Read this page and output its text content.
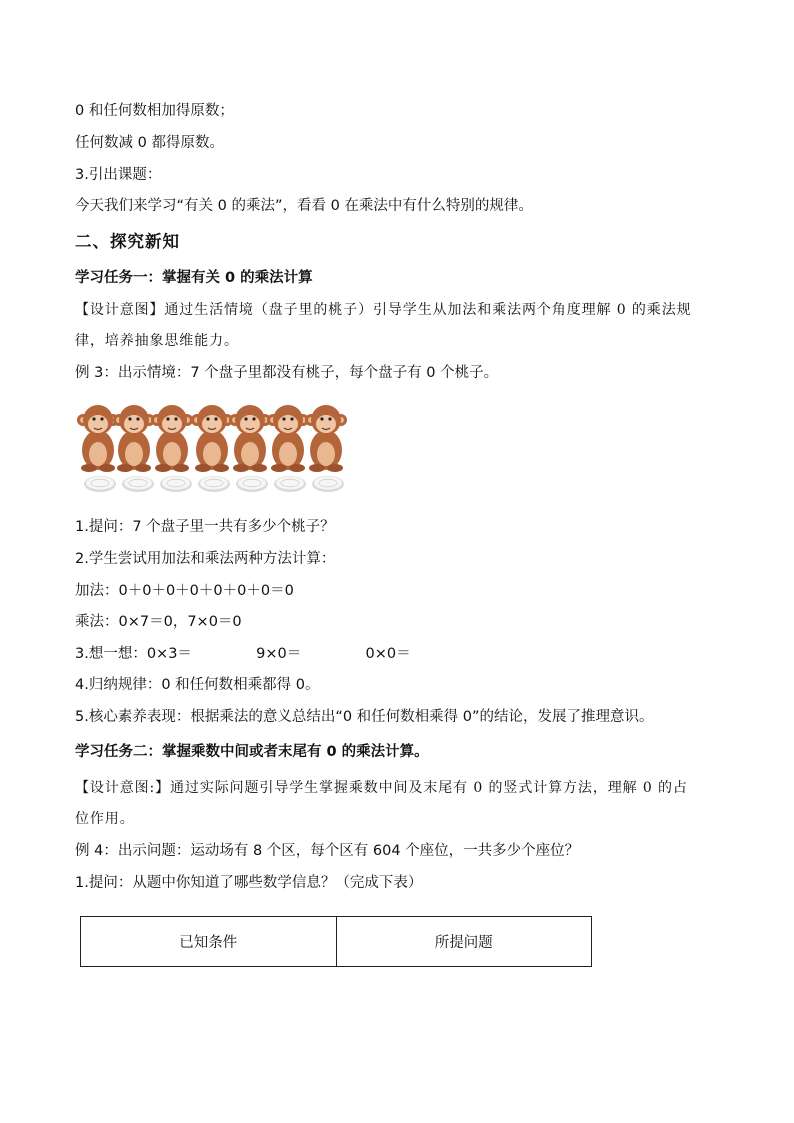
0 和任何数相加得原数；
任何数减 0 都得原数。
3.引出课题：
今天我们来学习“有关 0 的乘法”，看看 0 在乘法中有什么特别的规律。
二、探究新知
学习任务一：掌握有关 0 的乘法计算
【设计意图】通过生活情境（盘子里的桃子）引导学生从加法和乘法两个角度理解 0 的乘法规
律，培养抽象思维能力。
例 3：出示情境：7 个盘子里都没有桃子，每个盘子有 0 个桃子。
1.提问：7 个盘子里一共有多少个桃子？
2.学生尝试用加法和乘法两种方法计算：
加法：0＋0＋0＋0＋0＋0＋0＝0
乘法：0×7＝0，7×0＝0
3.想一想：0×3＝	9×0＝	0×0＝
4.归纳规律：0 和任何数相乘都得 0。
5.核心素养表现：根据乘法的意义总结出“0 和任何数相乘得 0”的结论，发展了推理意识。
学习任务二：掌握乘数中间或者末尾有 0 的乘法计算。
【设计意图:】通过实际问题引导学生掌握乘数中间及末尾有 0 的竖式计算方法，理解 0 的占
位作用。
例 4：出示问题：运动场有 8 个区，每个区有 604 个座位，一共多少个座位？
1.提问：从题中你知道了哪些数学信息？（完成下表）
已知条件	所提问题
